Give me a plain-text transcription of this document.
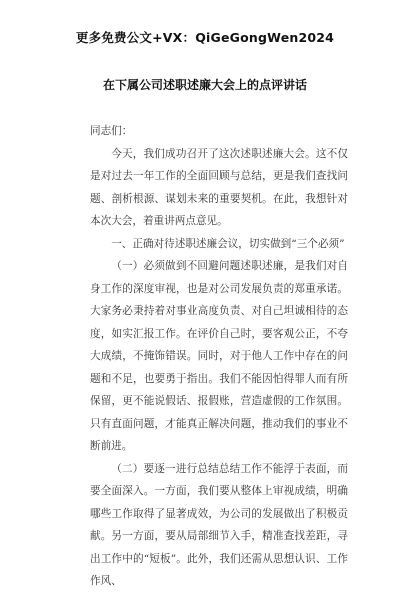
更多免费公文+VX：QiGeGongWen2024
在下属公司述职述廉大会上的点评讲话

同志们：

今天，我们成功召开了这次述职述廉大会。这不仅是对过去一年工作的全面回顾与总结，更是我们查找问题、剖析根源、谋划未来的重要契机。在此，我想针对本次大会，着重讲两点意见。

一、正确对待述职述廉会议，切实做到“三个必须”

（一）必须做到不回避问题述职述廉，是我们对自身工作的深度审视，也是对公司发展负责的郑重承诺。大家务必秉持着对事业高度负责、对自己坦诚相待的态度，如实汇报工作。在评价自己时，要客观公正，不夸大成绩，不掩饰错误。同时，对于他人工作中存在的问题和不足，也要勇于指出。我们不能因怕得罪人而有所保留，更不能说假话、报假账，营造虚假的工作氛围。只有直面问题，才能真正解决问题，推动我们的事业不断前进。

（二）要逐一进行总结总结工作不能浮于表面，而要全面深入。一方面，我们要从整体上审视成绩，明确哪些工作取得了显著成效，为公司的发展做出了积极贡献。另一方面，要从局部细节入手，精准查找差距，寻出工作中的“短板”。此外，我们还需从思想认识、工作作风、
